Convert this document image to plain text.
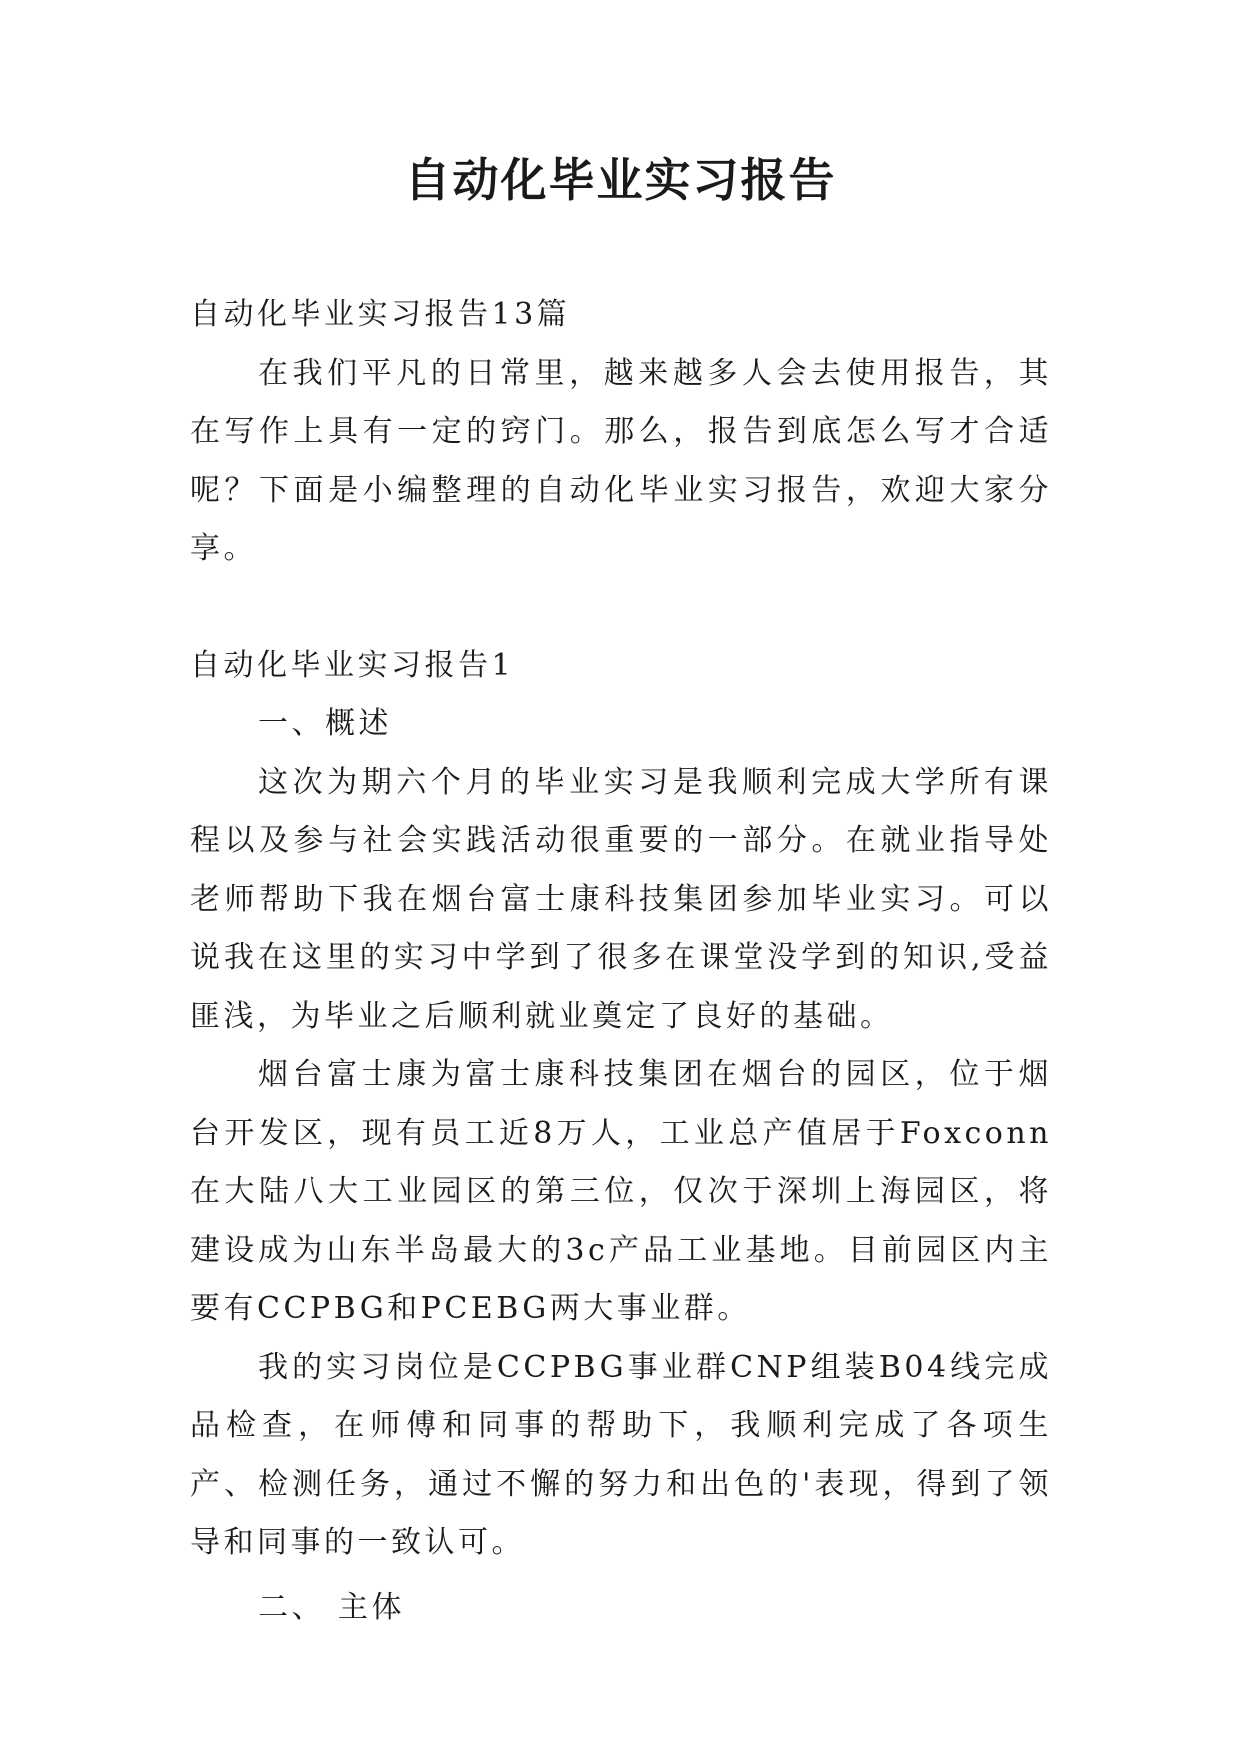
自动化毕业实习报告

自动化毕业实习报告13篇

在我们平凡的日常里，越来越多人会去使用报告，其在写作上具有一定的窍门。那么，报告到底怎么写才合适呢？下面是小编整理的自动化毕业实习报告，欢迎大家分享。

自动化毕业实习报告1

一、概述

这次为期六个月的毕业实习是我顺利完成大学所有课程以及参与社会实践活动很重要的一部分。在就业指导处老师帮助下我在烟台富士康科技集团参加毕业实习。可以说我在这里的实习中学到了很多在课堂没学到的知识,受益匪浅，为毕业之后顺利就业奠定了良好的基础。

烟台富士康为富士康科技集团在烟台的园区，位于烟台开发区，现有员工近8万人，工业总产值居于Foxconn在大陆八大工业园区的第三位，仅次于深圳上海园区，将建设成为山东半岛最大的3c产品工业基地。目前园区内主要有CCPBG和PCEBG两大事业群。

我的实习岗位是CCPBG事业群CNP组装B04线完成品检查，在师傅和同事的帮助下，我顺利完成了各项生产、检测任务，通过不懈的努力和出色的'表现，得到了领导和同事的一致认可。

二、 主体
